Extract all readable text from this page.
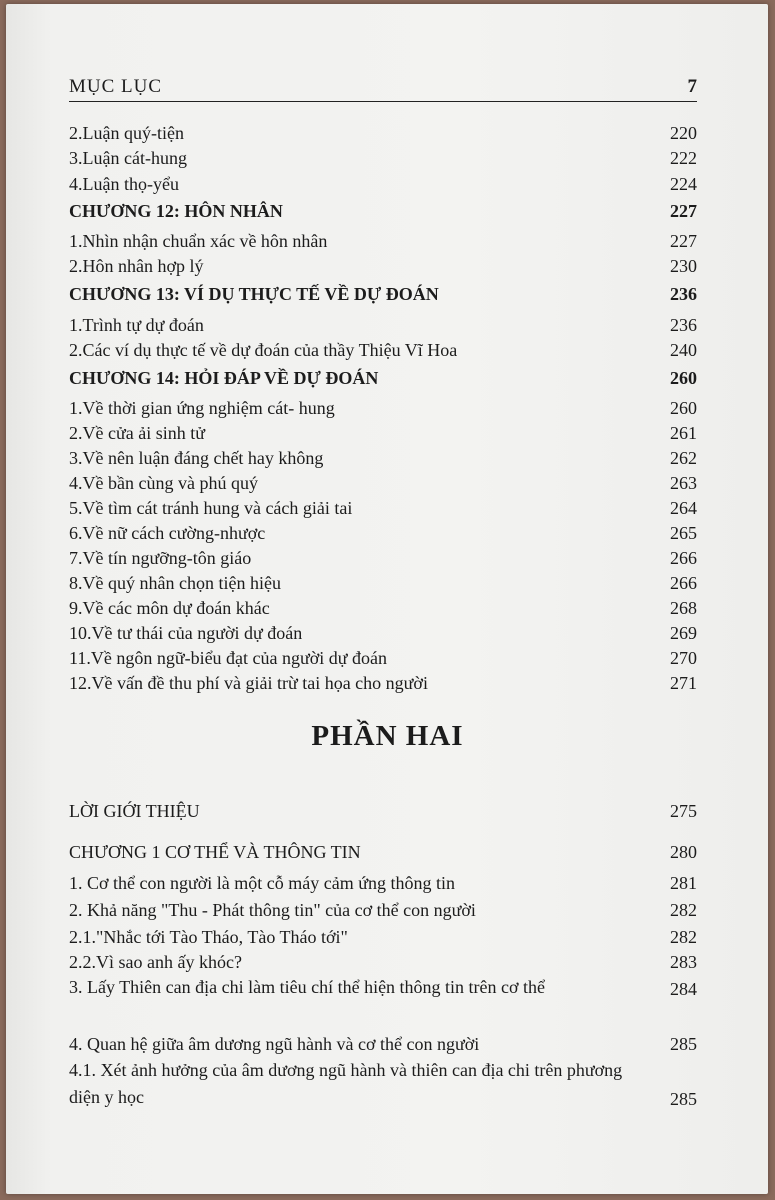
MỤC LỤC	7
2.Luận quý-tiện	220
3.Luận cát-hung	222
4.Luận thọ-yểu	224
CHƯƠNG 12: HÔN NHÂN	227
1.Nhìn nhận chuẩn xác về hôn nhân	227
2.Hôn nhân hợp lý	230
CHƯƠNG 13: VÍ DỤ THỰC TẾ VỀ DỰ ĐOÁN	236
1.Trình tự dự đoán	236
2.Các ví dụ thực tế về dự đoán của thầy Thiệu Vĩ Hoa	240
CHƯƠNG 14: HỎI ĐÁP VỀ DỰ ĐOÁN	260
1.Về thời gian ứng nghiệm cát- hung	260
2.Về cửa ải sinh tử	261
3.Về nên luận đáng chết hay không	262
4.Về bần cùng và phú quý	263
5.Về tìm cát tránh hung và cách giải tai	264
6.Về nữ cách cường-nhược	265
7.Về tín ngưỡng-tôn giáo	266
8.Về quý nhân chọn tiện hiệu	266
9.Về các môn dự đoán khác	268
10.Về tư thái của người dự đoán	269
11.Về ngôn ngữ-biểu đạt của người dự đoán	270
12.Về vấn đề thu phí và giải trừ tai họa cho người	271
PHẦN HAI
LỜI GIỚI THIỆU	275
CHƯƠNG 1 CƠ THỂ VÀ THÔNG TIN	280
1. Cơ thể con người là một cỗ máy cảm ứng thông tin	281
2. Khả năng "Thu - Phát thông tin" của cơ thể con người	282
2.1."Nhắc tới Tào Tháo, Tào Tháo tới"	282
2.2.Vì sao anh ấy khóc?	283
3. Lấy Thiên can địa chi làm tiêu chí thể hiện thông tin trên cơ thể	284
4. Quan hệ giữa âm dương ngũ hành và cơ thể con người	285
4.1. Xét ảnh hưởng của âm dương ngũ hành và thiên can địa chi trên phương diện y học	285
